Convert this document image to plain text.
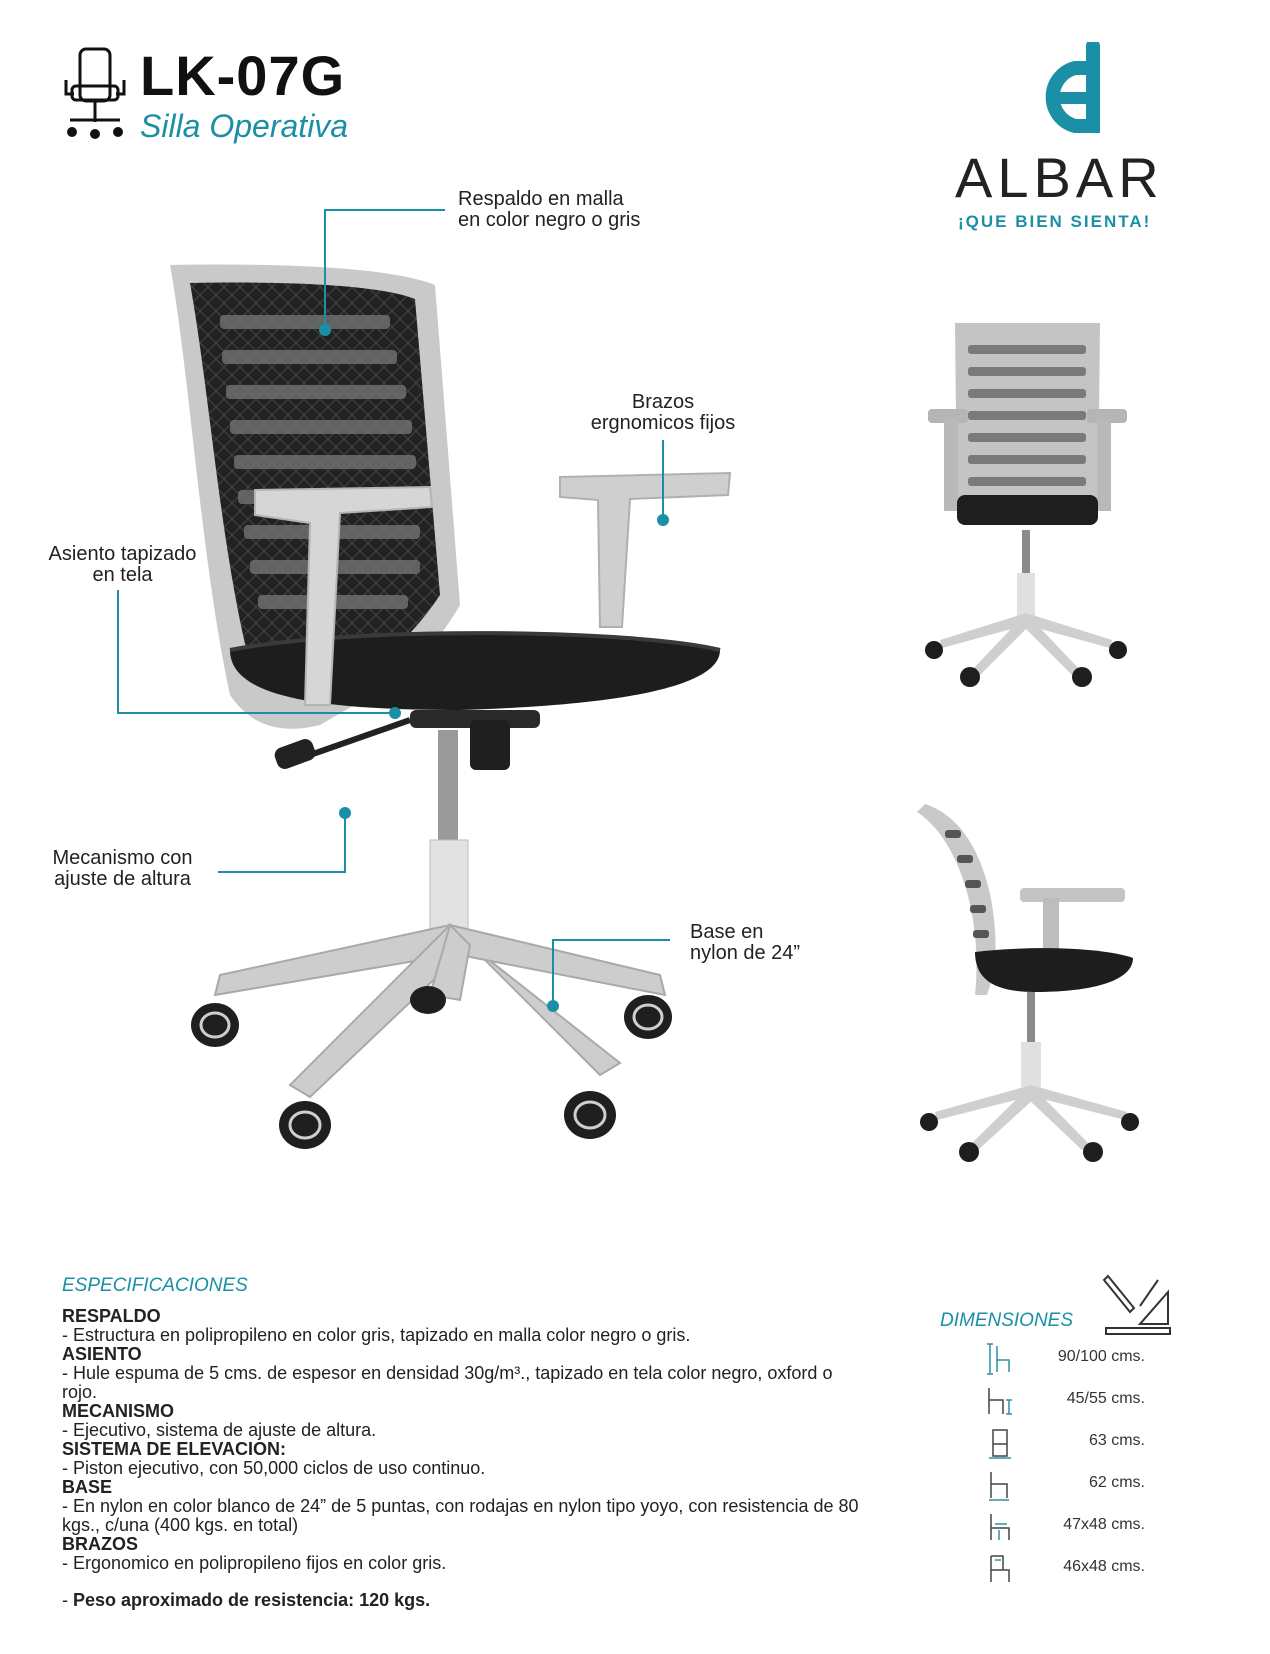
LK-07G
Silla Operativa
ALBAR
¡QUE BIEN SIENTA!
Respaldo en malla
en color negro o gris
Brazos
ergnomicos fijos
Asiento tapizado
en tela
Mecanismo con
ajuste de altura
Base en
nylon de 24”
ESPECIFICACIONES
RESPALDO
- Estructura en polipropileno en color gris, tapizado en malla color negro o gris.
ASIENTO
- Hule espuma de 5 cms. de espesor en densidad 30g/m³., tapizado en tela color negro, oxford o rojo.
MECANISMO
- Ejecutivo, sistema de ajuste de altura.
SISTEMA DE ELEVACION:
- Piston ejecutivo, con 50,000 ciclos de uso continuo.
BASE
- En nylon en color blanco de 24” de 5 puntas, con rodajas en nylon tipo yoyo, con resistencia de 80 kgs., c/una (400 kgs. en total)
BRAZOS
- Ergonomico en polipropileno fijos en color gris.
- Peso aproximado de resistencia: 120 kgs.
DIMENSIONES
90/100 cms.
45/55 cms.
63 cms.
62 cms.
47x48 cms.
46x48 cms.
